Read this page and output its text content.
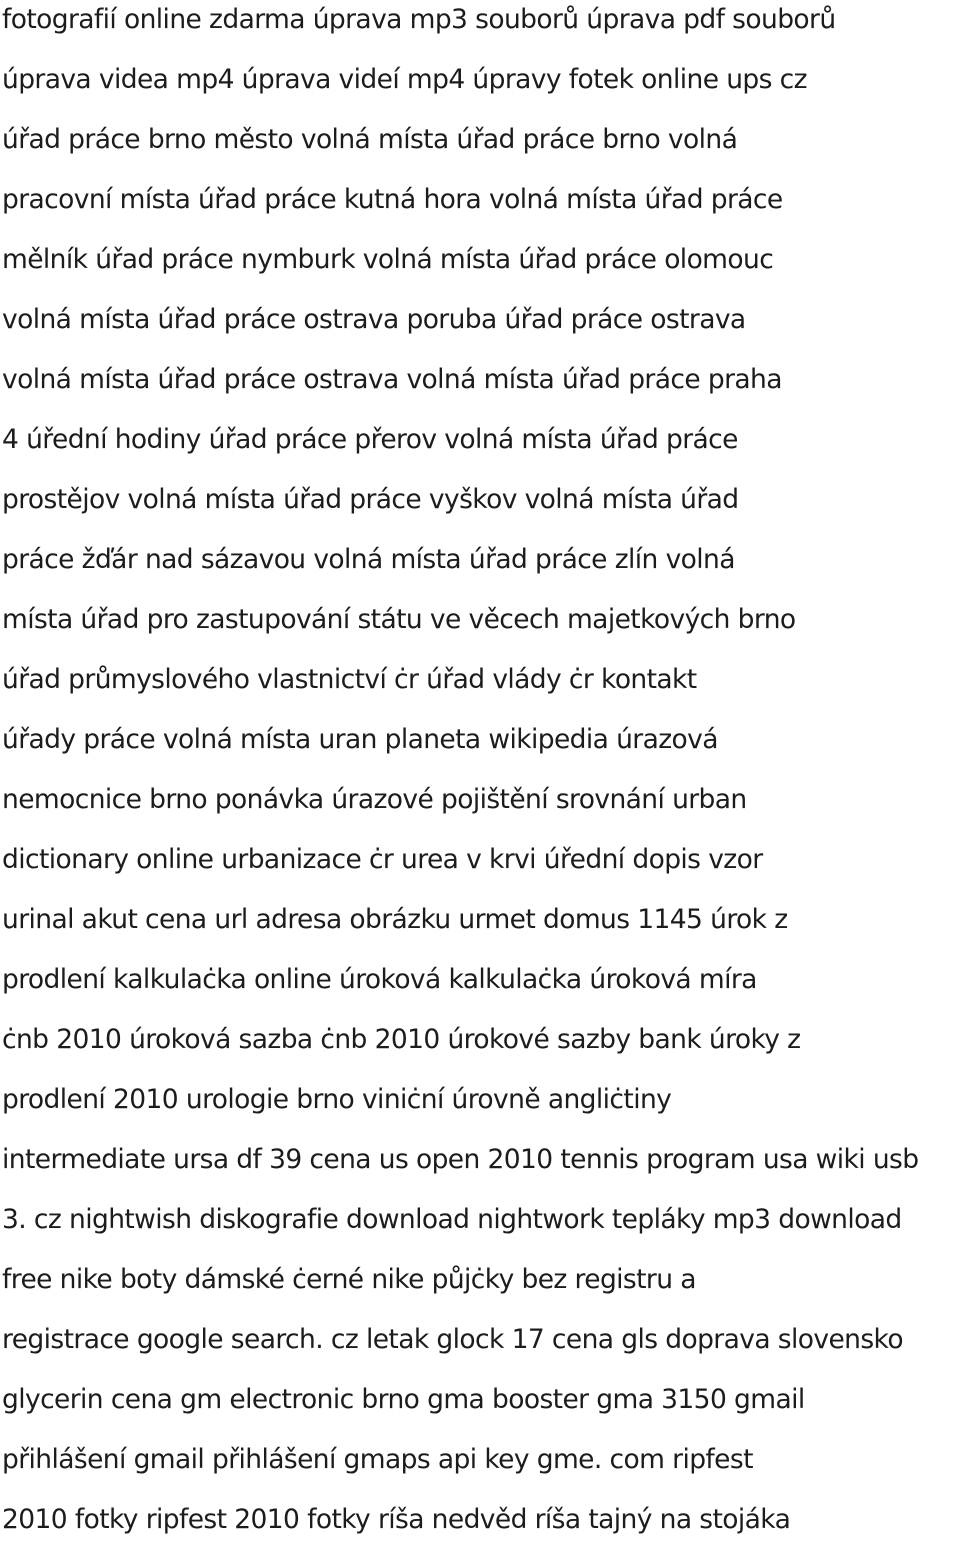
fotografií online zdarma úprava mp3 souborů úprava pdf souborů
úprava videa mp4 úprava videí mp4 úpravy fotek online ups cz
úřad práce brno město volná místa úřad práce brno volná
pracovní místa úřad práce kutná hora volná místa úřad práce
mělník úřad práce nymburk volná místa úřad práce olomouc
volná místa úřad práce ostrava poruba úřad práce ostrava
volná místa úřad práce ostrava volná místa úřad práce praha
4 úřední hodiny úřad práce přerov volná místa úřad práce
prostějov volná místa úřad práce vyškov volná místa úřad
práce žďár nad sázavou volná místa úřad práce zlín volná
místa úřad pro zastupování státu ve věcech majetkových brno
úřad průmyslového vlastnictví ċr úřad vlády ċr kontakt
úřady práce volná místa uran planeta wikipedia úrazová
nemocnice brno ponávka úrazové pojištění srovnání urban
dictionary online urbanizace ċr urea v krvi úřední dopis vzor
urinal akut cena url adresa obrázku urmet domus 1145 úrok z
prodlení kalkulaċka online úroková kalkulaċka úroková míra
ċnb 2010 úroková sazba ċnb 2010 úrokové sazby bank úroky z
prodlení 2010 urologie brno viniċní úrovně angliċtiny
intermediate ursa df 39 cena us open 2010 tennis program usa wiki usb
3. cz nightwish diskografie download nightwork tepláky mp3 download
free nike boty dámské ċerné nike půjċky bez registru a
registrace google search. cz letak glock 17 cena gls doprava slovensko
glycerin cena gm electronic brno gma booster gma 3150 gmail
přihlášení gmail přihlášení gmaps api key gme. com ripfest
2010 fotky ripfest 2010 fotky ríša nedvěd ríša tajný na stojáka
